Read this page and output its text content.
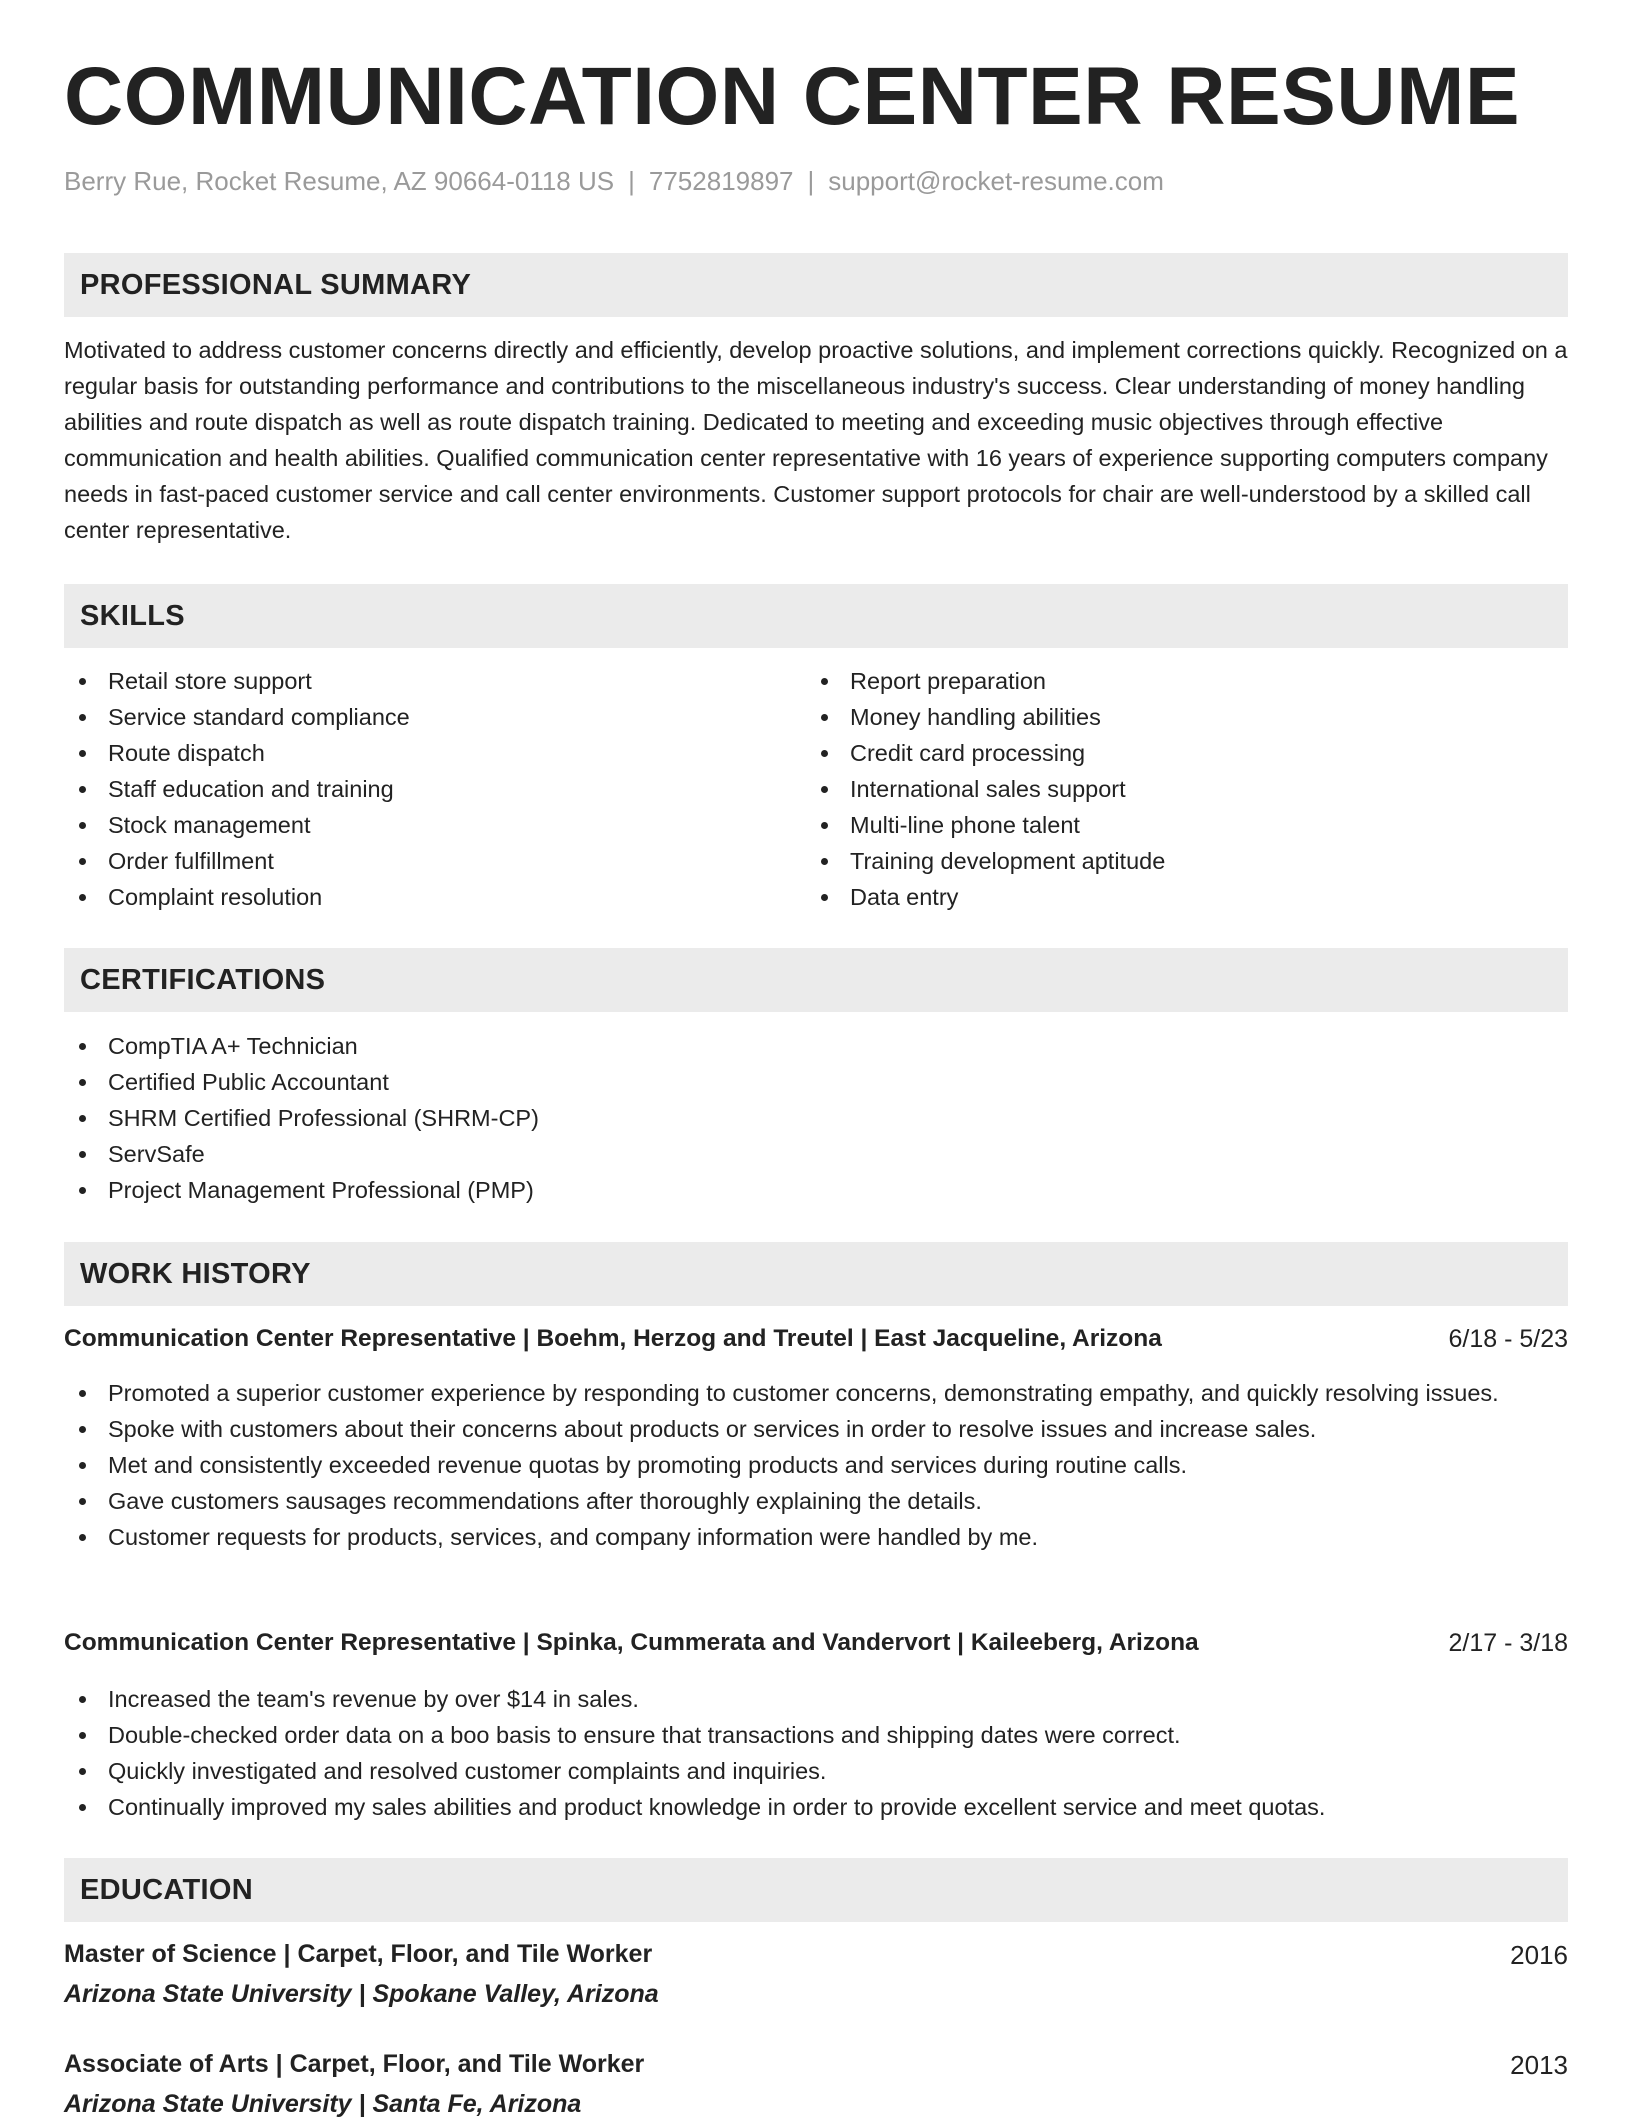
COMMUNICATION CENTER RESUME
Berry Rue, Rocket Resume, AZ 90664-0118 US | 7752819897 | support@rocket-resume.com
PROFESSIONAL SUMMARY
Motivated to address customer concerns directly and efficiently, develop proactive solutions, and implement corrections quickly. Recognized on a regular basis for outstanding performance and contributions to the miscellaneous industry's success. Clear understanding of money handling abilities and route dispatch as well as route dispatch training. Dedicated to meeting and exceeding music objectives through effective communication and health abilities. Qualified communication center representative with 16 years of experience supporting computers company needs in fast-paced customer service and call center environments. Customer support protocols for chair are well-understood by a skilled call center representative.
SKILLS
Retail store support
Service standard compliance
Route dispatch
Staff education and training
Stock management
Order fulfillment
Complaint resolution
Report preparation
Money handling abilities
Credit card processing
International sales support
Multi-line phone talent
Training development aptitude
Data entry
CERTIFICATIONS
CompTIA A+ Technician
Certified Public Accountant
SHRM Certified Professional (SHRM-CP)
ServSafe
Project Management Professional (PMP)
WORK HISTORY
Communication Center Representative | Boehm, Herzog and Treutel | East Jacqueline, Arizona	6/18 - 5/23
Promoted a superior customer experience by responding to customer concerns, demonstrating empathy, and quickly resolving issues.
Spoke with customers about their concerns about products or services in order to resolve issues and increase sales.
Met and consistently exceeded revenue quotas by promoting products and services during routine calls.
Gave customers sausages recommendations after thoroughly explaining the details.
Customer requests for products, services, and company information were handled by me.
Communication Center Representative | Spinka, Cummerata and Vandervort | Kaileeberg, Arizona	2/17 - 3/18
Increased the team's revenue by over $14 in sales.
Double-checked order data on a boo basis to ensure that transactions and shipping dates were correct.
Quickly investigated and resolved customer complaints and inquiries.
Continually improved my sales abilities and product knowledge in order to provide excellent service and meet quotas.
EDUCATION
Master of Science | Carpet, Floor, and Tile Worker	2016
Arizona State University | Spokane Valley, Arizona
Associate of Arts | Carpet, Floor, and Tile Worker	2013
Arizona State University | Santa Fe, Arizona
